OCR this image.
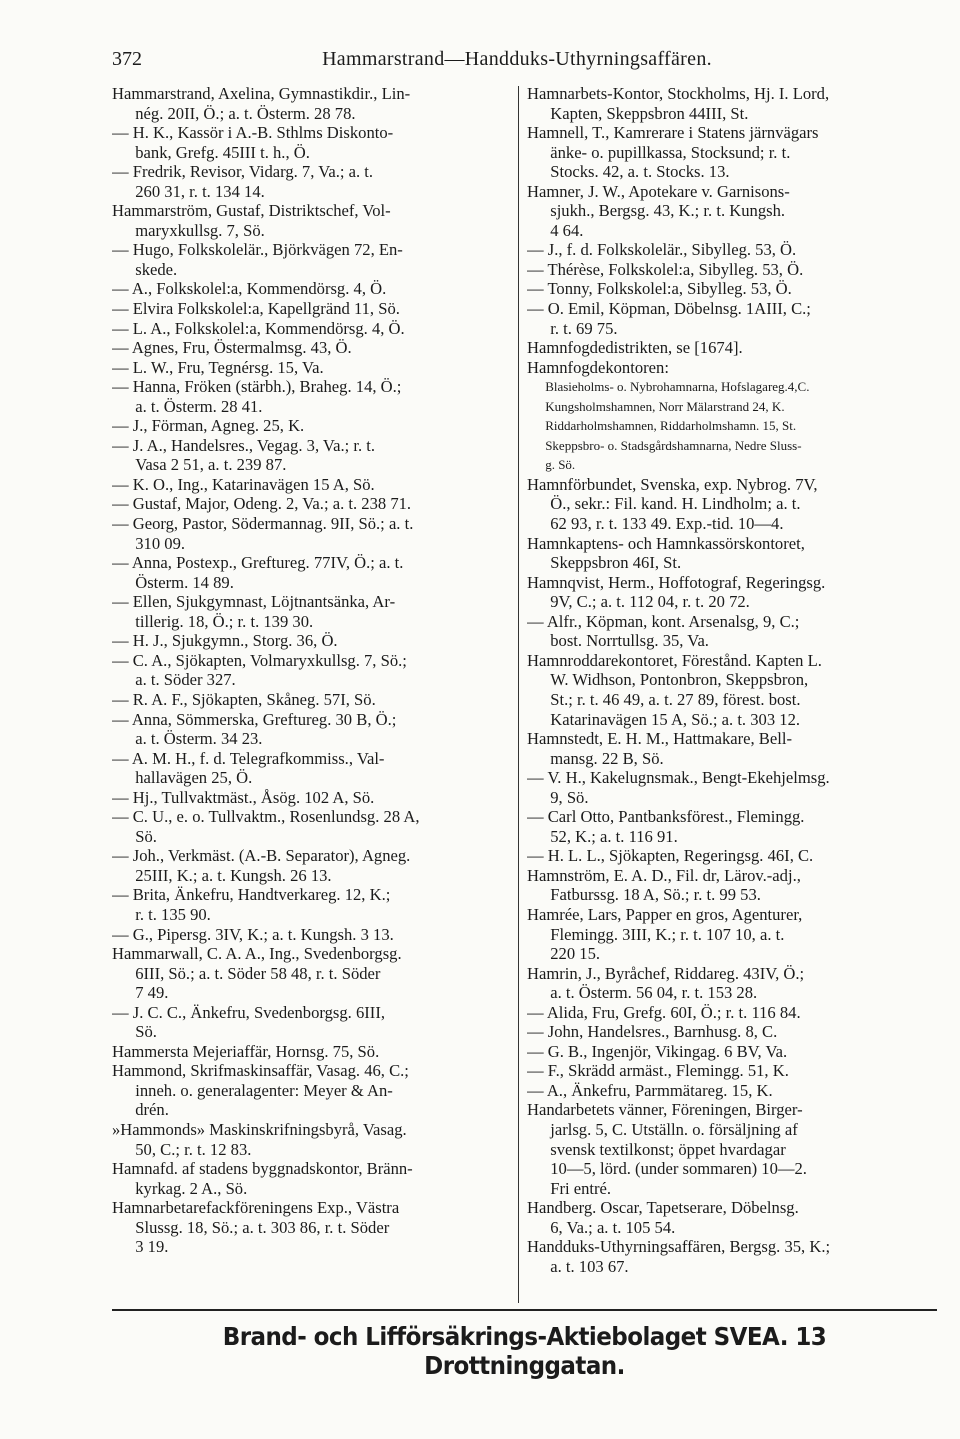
372	Hammarstrand—Handduks-Uthyrningsaffären.
Hammarstrand, Axelina, Gymnastikdir., Lin-
nég. 20II, Ö.; a. t. Österm. 28 78.
— H. K., Kassör i A.-B. Sthlms Diskonto-
bank, Grefg. 45III t. h., Ö.
— Fredrik, Revisor, Vidarg. 7, Va.; a. t.
260 31, r. t. 134 14.
Hammarström, Gustaf, Distriktschef, Vol-
maryxkullsg. 7, Sö.
— Hugo, Folkskolelär., Björkvägen 72, En-
skede.
— A., Folkskolel:a, Kommendörsg. 4, Ö.
— Elvira Folkskolel:a, Kapellgränd 11, Sö.
— L. A., Folkskolel:a, Kommendörsg. 4, Ö.
— Agnes, Fru, Östermalmsg. 43, Ö.
— L. W., Fru, Tegnérsg. 15, Va.
— Hanna, Fröken (stärbh.), Braheg. 14, Ö.;
a. t. Österm. 28 41.
— J., Förman, Agneg. 25, K.
— J. A., Handelsres., Vegag. 3, Va.; r. t.
Vasa 2 51, a. t. 239 87.
— K. O., Ing., Katarinavägen 15 A, Sö.
— Gustaf, Major, Odeng. 2, Va.; a. t. 238 71.
— Georg, Pastor, Södermannag. 9II, Sö.; a. t.
310 09.
— Anna, Postexp., Greftureg. 77IV, Ö.; a. t.
Österm. 14 89.
— Ellen, Sjukgymnast, Löjtnantsänka, Ar-
tillerig. 18, Ö.; r. t. 139 30.
— H. J., Sjukgymn., Storg. 36, Ö.
— C. A., Sjökapten, Volmaryxkullsg. 7, Sö.;
a. t. Söder 327.
— R. A. F., Sjökapten, Skåneg. 57I, Sö.
— Anna, Sömmerska, Greftureg. 30 B, Ö.;
a. t. Österm. 34 23.
— A. M. H., f. d. Telegrafkommiss., Val-
hallavägen 25, Ö.
— Hj., Tullvaktmäst., Åsög. 102 A, Sö.
— C. U., e. o. Tullvaktm., Rosenlundsg. 28 A,
Sö.
— Joh., Verkmäst. (A.-B. Separator), Agneg.
25III, K.; a. t. Kungsh. 26 13.
— Brita, Änkefru, Handtverkareg. 12, K.;
r. t. 135 90.
— G., Pipersg. 3IV, K.; a. t. Kungsh. 3 13.
Hammarwall, C. A. A., Ing., Svedenborgsg.
6III, Sö.; a. t. Söder 58 48, r. t. Söder
7 49.
— J. C. C., Änkefru, Svedenborgsg. 6III,
Sö.
Hammersta Mejeriaffär, Hornsg. 75, Sö.
Hammond, Skrifmaskinsaffär, Vasag. 46, C.;
inneh. o. generalagenter: Meyer & An-
drén.
»Hammonds» Maskinskrifningsbyrå, Vasag.
50, C.; r. t. 12 83.
Hamnafd. af stadens byggnadskontor, Bränn-
kyrkag. 2 A., Sö.
Hamnarbetarefackföreningens Exp., Västra
Slussg. 18, Sö.; a. t. 303 86, r. t. Söder
3 19.
Hamnarbets-Kontor, Stockholms, Hj. I. Lord,
Kapten, Skeppsbron 44III, St.
Hamnell, T., Kamrerare i Statens järnvägars
änke- o. pupillkassa, Stocksund; r. t.
Stocks. 42, a. t. Stocks. 13.
Hamner, J. W., Apotekare v. Garnisons-
sjukh., Bergsg. 43, K.; r. t. Kungsh.
4 64.
— J., f. d. Folkskolelär., Sibylleg. 53, Ö.
— Thérèse, Folkskolel:a, Sibylleg. 53, Ö.
— Tonny, Folkskolel:a, Sibylleg. 53, Ö.
— O. Emil, Köpman, Döbelnsg. 1AIII, C.;
r. t. 69 75.
Hamnfogdedistrikten, se [1674].
Hamnfogdekontoren:
Blasieholms- o. Nybrohamnarna, Hofslagareg.4,C.
Kungsholmshamnen, Norr Mälarstrand 24, K.
Riddarholmshamnen, Riddarholmshamn. 15, St.
Skeppsbro- o. Stadsgårdshamnarna, Nedre Sluss-
g. Sö.
Hamnförbundet, Svenska, exp. Nybrog. 7V,
Ö., sekr.: Fil. kand. H. Lindholm; a. t.
62 93, r. t. 133 49. Exp.-tid. 10—4.
Hamnkaptens- och Hamnkassörskontoret,
Skeppsbron 46I, St.
Hamnqvist, Herm., Hoffotograf, Regeringsg.
9V, C.; a. t. 112 04, r. t. 20 72.
— Alfr., Köpman, kont. Arsenalsg, 9, C.;
bost. Norrtullsg. 35, Va.
Hamnroddarekontoret, Förestånd. Kapten L.
W. Widhson, Pontonbron, Skeppsbron,
St.; r. t. 46 49, a. t. 27 89, förest. bost.
Katarinavägen 15 A, Sö.; a. t. 303 12.
Hamnstedt, E. H. M., Hattmakare, Bell-
mansg. 22 B, Sö.
— V. H., Kakelugnsmak., Bengt-Ekehjelmsg.
9, Sö.
— Carl Otto, Pantbanksförest., Flemingg.
52, K.; a. t. 116 91.
— H. L. L., Sjökapten, Regeringsg. 46I, C.
Hamnström, E. A. D., Fil. dr, Lärov.-adj.,
Fatburssg. 18 A, Sö.; r. t. 99 53.
Hamrée, Lars, Papper en gros, Agenturer,
Flemingg. 3III, K.; r. t. 107 10, a. t.
220 15.
Hamrin, J., Byråchef, Riddareg. 43IV, Ö.;
a. t. Österm. 56 04, r. t. 153 28.
— Alida, Fru, Grefg. 60I, Ö.; r. t. 116 84.
— John, Handelsres., Barnhusg. 8, C.
— G. B., Ingenjör, Vikingag. 6 BV, Va.
— F., Skrädd armäst., Flemingg. 51, K.
— A., Änkefru, Parmmätareg. 15, K.
Handarbetets vänner, Föreningen, Birger-
jarlsg. 5, C. Utställn. o. försäljning af
svensk textilkonst; öppet hvardagar
10—5, lörd. (under sommaren) 10—2.
Fri entré.
Handberg. Oscar, Tapetserare, Döbelnsg.
6, Va.; a. t. 105 54.
Handduks-Uthyrningsaffären, Bergsg. 35, K.;
a. t. 103 67.
Brand- och Lifförsäkrings-Aktiebolaget SVEA. 13 Drottninggatan.
